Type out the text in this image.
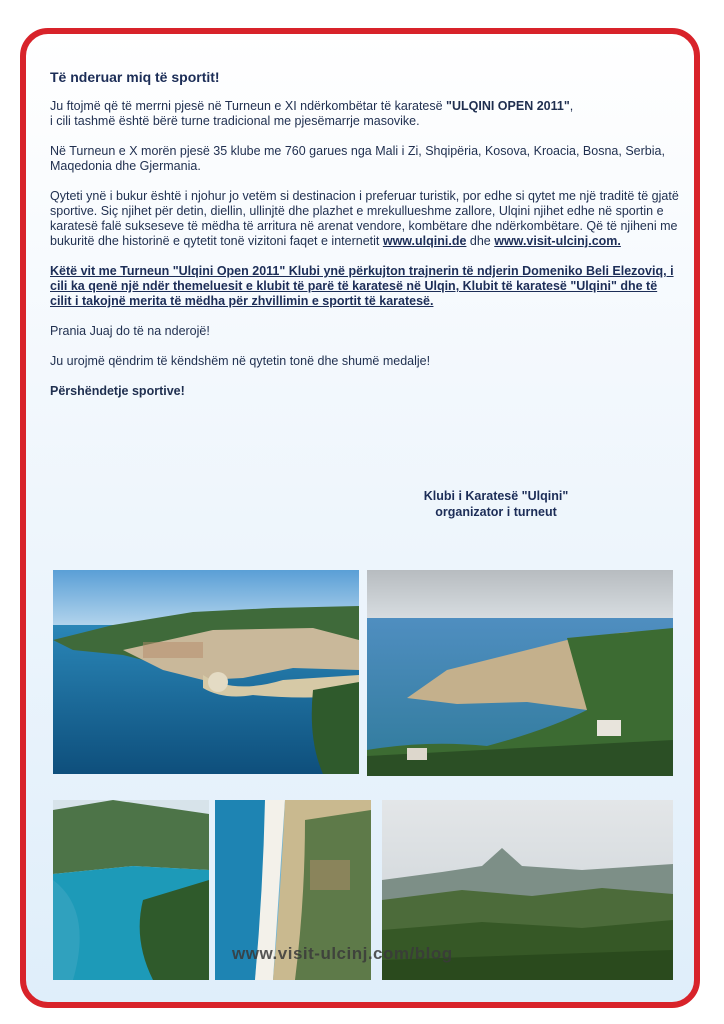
Të nderuar miq të sportit!

Ju ftojmë që të merrni pjesë në Turneun e XI ndërkombëtar të karatesë "ULQINI OPEN 2011",
i cili tashmë është bërë turne tradicional me pjesëmarrje masovike.

Në Turneun e X morën pjesë 35 klube me 760 garues nga Mali i Zi, Shqipëria, Kosova, Kroacia, Bosna, Serbia, Maqedonia dhe Gjermania.

Qyteti ynë i bukur është i njohur jo vetëm si destinacion i preferuar turistik, por edhe si qytet me një traditë të gjatë sportive. Siç njihet për detin, diellin, ullinjtë dhe plazhet e mrekullueshme zallore, Ulqini njihet edhe në sportin e karatesë falë sukseseve të mëdha të arritura në arenat vendore, kombëtare dhe ndërkombëtare. Që të njiheni me bukuritë dhe historinë e qytetit tonë vizitoni faqet e internetit www.ulqini.de dhe www.visit-ulcinj.com.

Këtë vit me Turneun "Ulqini Open 2011" Klubi ynë përkujton trajnerin të ndjerin Domeniko Beli Elezoviq, i cili ka qenë një ndër themeluesit e klubit të parë të karatesë në Ulqin, Klubit të karatesë "Ulqini" dhe të cilit i takojnë merita të mëdha për zhvillimin e sportit të karatesë.

Prania Juaj do të na nderojë!

Ju urojmë qëndrim të këndshëm në qytetin tonë dhe shumë medalje!

Përshëndetje sportive!

Klubi i Karatesë "Ulqini"
organizator i turneut
www.visit-ulcinj.com/blog
